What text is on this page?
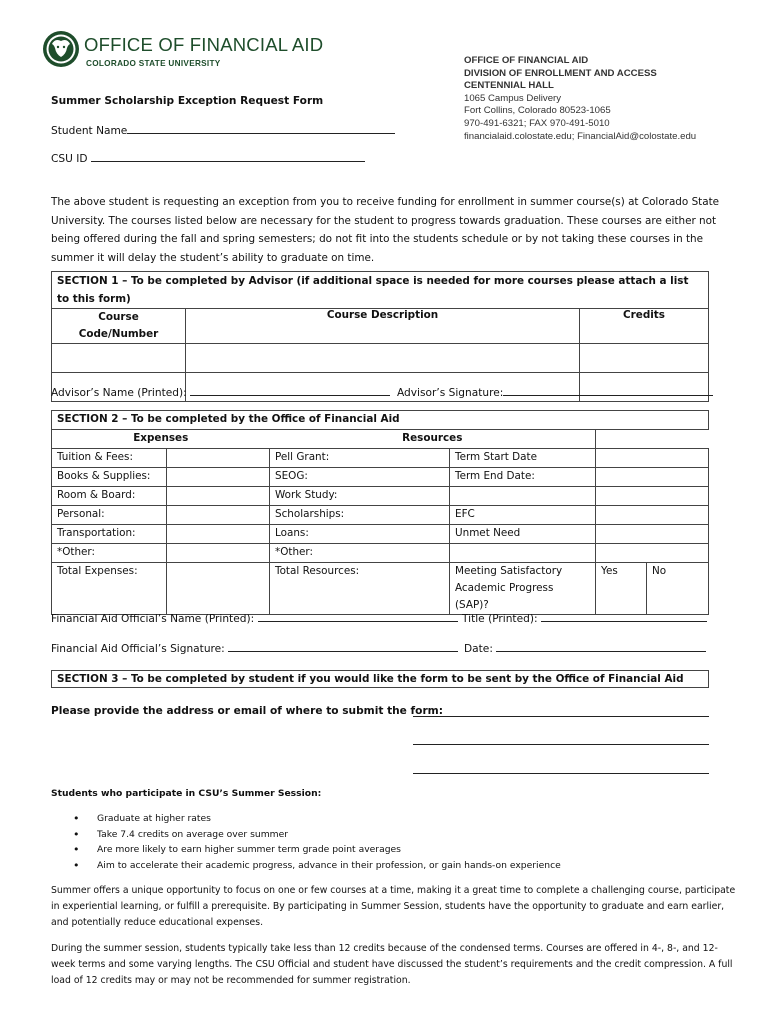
OFFICE OF FINANCIAL AID
COLORADO STATE UNIVERSITY	OFFICE OF FINANCIAL AID
DIVISION OF ENROLLMENT AND ACCESS
CENTENNIAL HALL
1065 Campus Delivery
Fort Collins, Colorado 80523-1065
970-491-6321; FAX 970-491-5010
financialaid.colostate.edu; FinancialAid@colostate.edu
Summer Scholarship Exception Request Form
Student Name
CSU ID
The above student is requesting an exception from you to receive funding for enrollment in summer course(s) at Colorado State University. The courses listed below are necessary for the student to progress towards graduation. These courses are either not being offered during the fall and spring semesters; do not fit into the students schedule or by not taking these courses in the summer it will delay the student’s ability to graduate on time.
SECTION 1 – To be completed by Advisor (if additional space is needed for more courses please attach a list to this form)		
Course Code/Number	Course Description	Credits

Advisor’s Name (Printed):	Advisor’s Signature:
SECTION 2 – To be completed by the Office of Financial Aid					
Expenses		Resources			
Tuition & Fees:		Pell Grant:	Term Start Date		
Books & Supplies:		SEOG:	Term End Date:		
Room & Board:		Work Study:			
Personal:		Scholarships:	EFC		
Transportation:		Loans:	Unmet Need		
*Other:		*Other:			
Total Expenses:		Total Resources:	Meeting Satisfactory Academic Progress (SAP)?	Yes	No
Financial Aid Official’s Name (Printed):	Title (Printed):
Financial Aid Official’s Signature:	Date:
SECTION 3 – To be completed by student if you would like the form to be sent by the Office of Financial Aid
Please provide the address or email of where to submit the form:
Students who participate in CSU’s Summer Session:
• Graduate at higher rates
• Take 7.4 credits on average over summer
• Are more likely to earn higher summer term grade point averages
• Aim to accelerate their academic progress, advance in their profession, or gain hands-on experience
Summer offers a unique opportunity to focus on one or few courses at a time, making it a great time to complete a challenging course, participate in experiential learning, or fulfill a prerequisite. By participating in Summer Session, students have the opportunity to graduate and earn earlier, and potentially reduce educational expenses.
During the summer session, students typically take less than 12 credits because of the condensed terms. Courses are offered in 4-, 8-, and 12-week terms and some varying lengths. The CSU Official and student have discussed the student’s requirements and the credit compression. A full load of 12 credits may or may not be recommended for summer registration.
